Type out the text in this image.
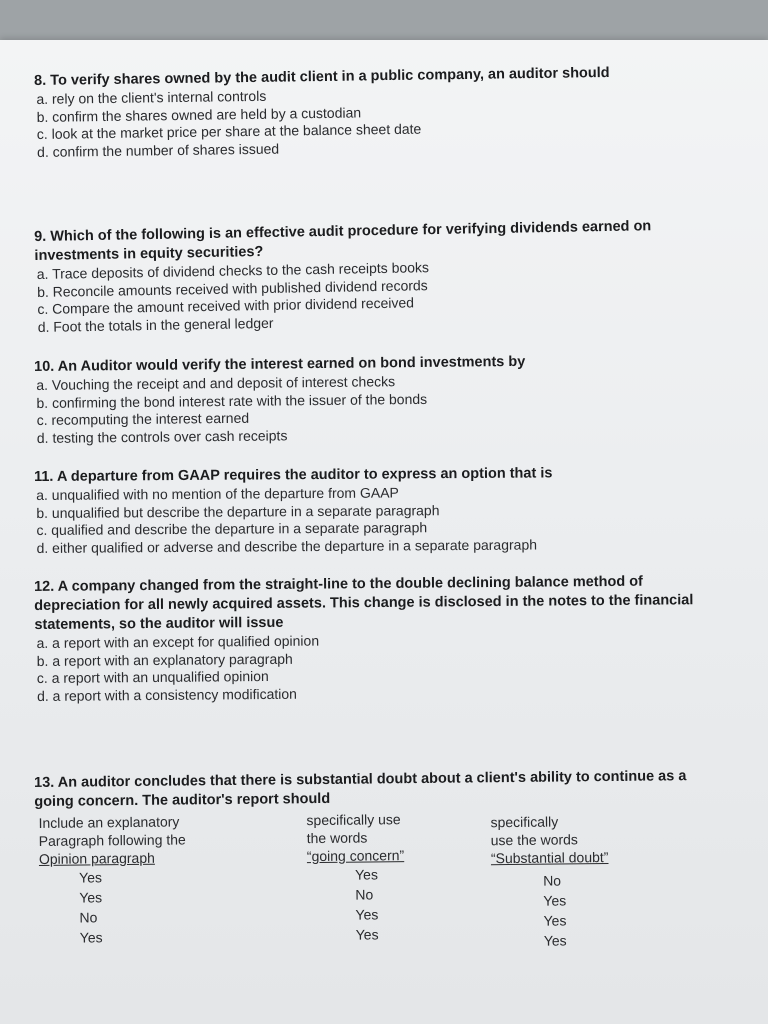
8. To verify shares owned by the audit client in a public company, an auditor should
a. rely on the client's internal controls
b. confirm the shares owned are held by a custodian
c. look at the market price per share at the balance sheet date
d. confirm the number of shares issued
9. Which of the following is an effective audit procedure for verifying dividends earned on investments in equity securities?
a. Trace deposits of dividend checks to the cash receipts books
b. Reconcile amounts received with published dividend records
c. Compare the amount received with prior dividend received
d. Foot the totals in the general ledger
10. An Auditor would verify the interest earned on bond investments by
a. Vouching the receipt and and deposit of interest checks
b. confirming the bond interest rate with the issuer of the bonds
c. recomputing the interest earned
d. testing the controls over cash receipts
11. A departure from GAAP requires the auditor to express an option that is
a. unqualified with no mention of the departure from GAAP
b. unqualified but describe the departure in a separate paragraph
c. qualified and describe the departure in a separate paragraph
d. either qualified or adverse and describe the departure in a separate paragraph
12. A company changed from the straight-line to the double declining balance method of depreciation for all newly acquired assets. This change is disclosed in the notes to the financial statements, so the auditor will issue
a. a report with an except for qualified opinion
b. a report with an explanatory paragraph
c. a report with an unqualified opinion
d. a report with a consistency modification
13. An auditor concludes that there is substantial doubt about a client's ability to continue as a going concern. The auditor's report should
Include an explanatory
Paragraph following the
Opinion paragraph
Yes
Yes
No
Yes
specifically use
the words
“going concern”
Yes
No
Yes
Yes
specifically
use the words
“Substantial doubt”
No
Yes
Yes
Yes
